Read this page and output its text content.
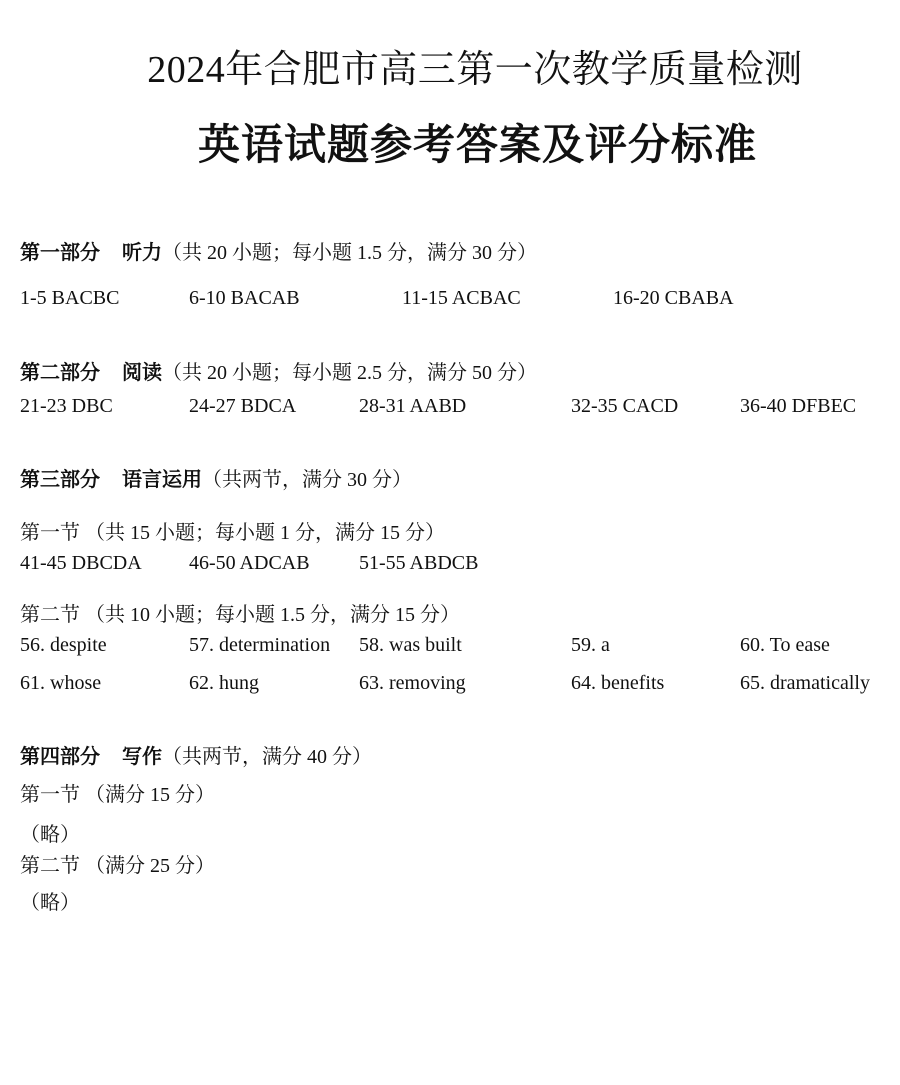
2024年合肥市高三第一次教学质量检测
英语试题参考答案及评分标准
第一部分 听力（共 20 小题；每小题 1.5 分，满分 30 分）
1-5 BACBC	6-10 BACAB	11-15 ACBAC	16-20 CBABA
第二部分 阅读（共 20 小题；每小题 2.5 分，满分 50 分）
21-23 DBC	24-27 BDCA	28-31 AABD	32-35 CACD	36-40 DFBEC
第三部分 语言运用（共两节，满分 30 分）
第一节 （共 15 小题；每小题 1 分，满分 15 分）
41-45 DBCDA 46-50 ADCAB 51-55 ABDCB
第二节 （共 10 小题；每小题 1.5 分，满分 15 分）
56. despite	57. determination 58. was built	59. a	60. To ease
61. whose	62. hung	63. removing	64. benefits	65. dramatically
第四部分 写作（共两节，满分 40 分）
第一节 （满分 15 分）
（略）
第二节 （满分 25 分）
（略）
